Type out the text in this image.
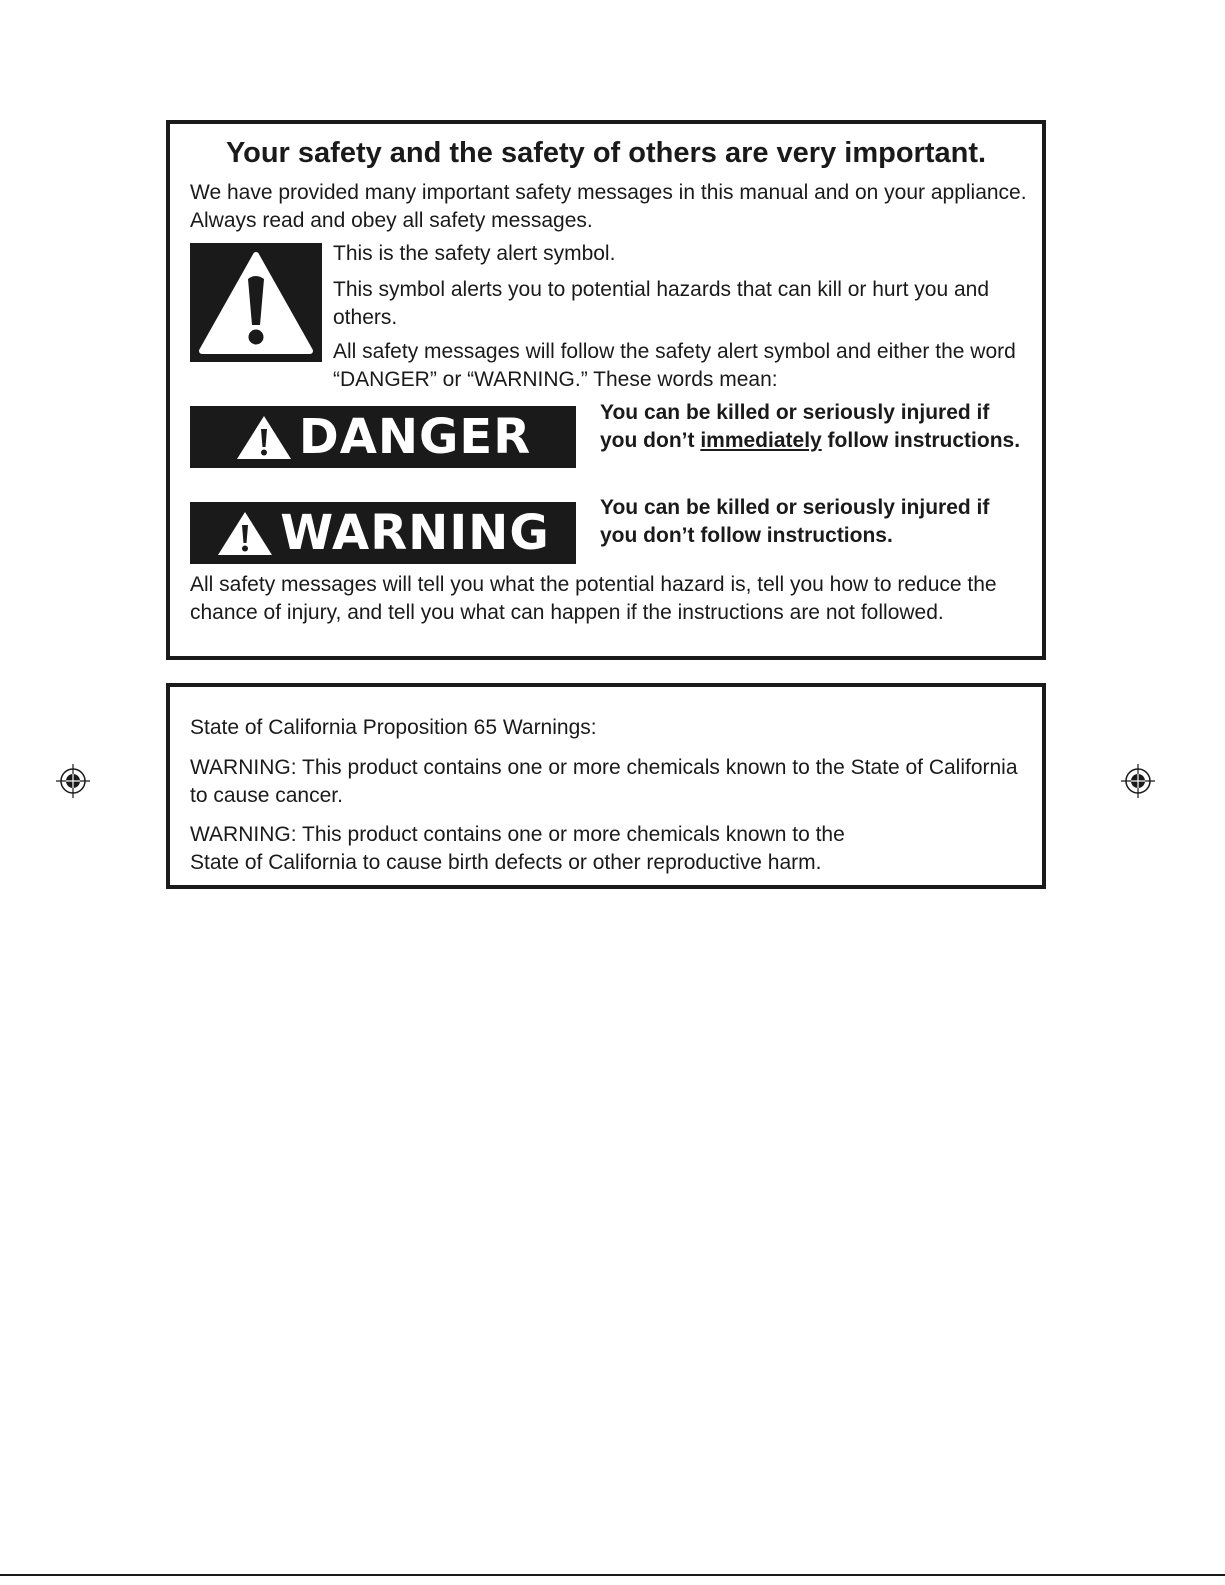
Your safety and the safety of others are very important.

We have provided many important safety messages in this manual and on your appliance. Always read and obey all safety messages.

This is the safety alert symbol.

This symbol alerts you to potential hazards that can kill or hurt you and others.

All safety messages will follow the safety alert symbol and either the word “DANGER” or “WARNING.” These words mean:

DANGER	You can be killed or seriously injured if you don’t immediately follow instructions.
WARNING You can be killed or seriously injured if you don’t follow instructions.

All safety messages will tell you what the potential hazard is, tell you how to reduce the chance of injury, and tell you what can happen if the instructions are not followed.

State of California Proposition 65 Warnings:

WARNING: This product contains one or more chemicals known to the State of California to cause cancer.

WARNING: This product contains one or more chemicals known to the
State of California to cause birth defects or other reproductive harm.
